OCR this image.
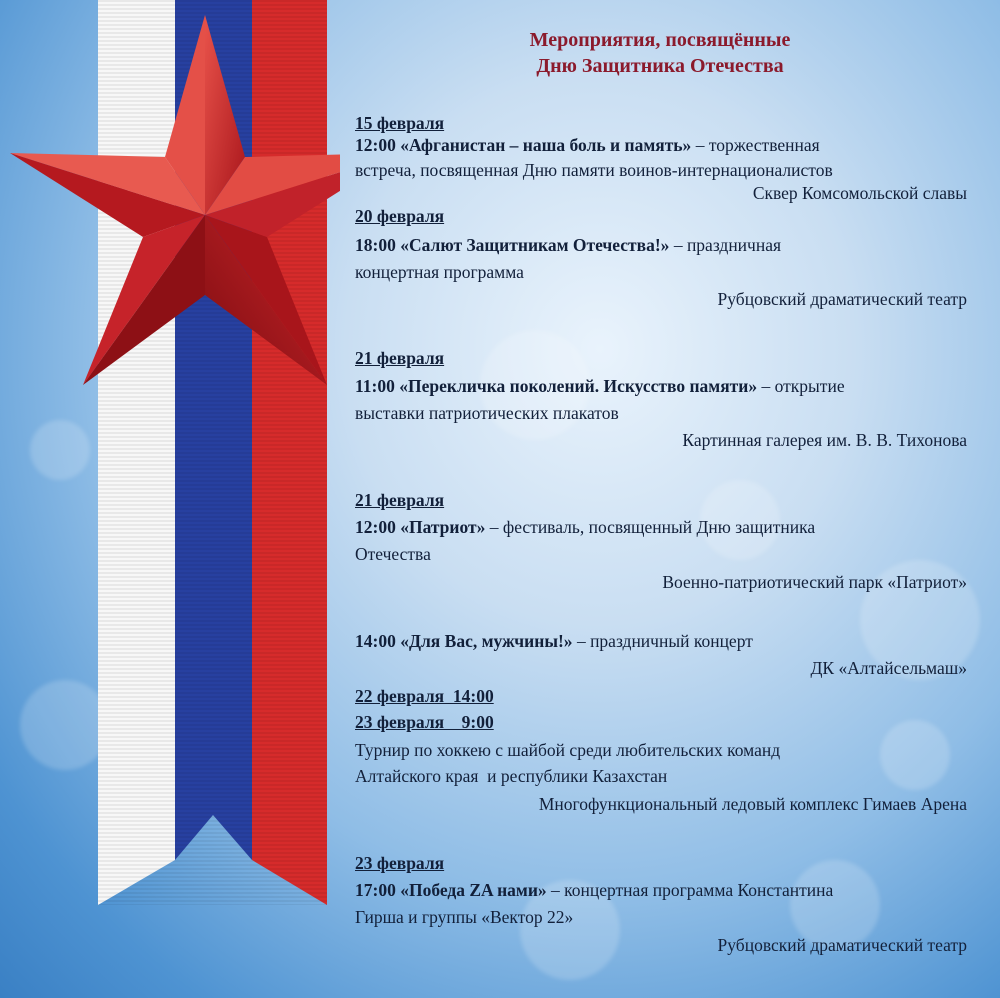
Мероприятия, посвящённые
Дню Защитника Отечества
15 февраля
12:00 «Афганистан – наша боль и память» – торжественная
встреча, посвященная Дню памяти воинов-интернационалистов
Сквер Комсомольской славы
20 февраля
18:00 «Салют Защитникам Отечества!» – праздничная
концертная программа
Рубцовский драматический театр
21 февраля
11:00 «Перекличка поколений. Искусство памяти» – открытие
выставки патриотических плакатов
Картинная галерея им. В. В. Тихонова
21 февраля
12:00 «Патриот» – фестиваль, посвященный Дню защитника
Отечества
Военно-патриотический парк «Патриот»
14:00 «Для Вас, мужчины!» – праздничный концерт
ДК «Алтайсельмаш»
22 февраля  14:00
23 февраля    9:00
Турнир по хоккею с шайбой среди любительских команд
Алтайского края  и республики Казахстан
Многофункциональный ледовый комплекс Гимаев Арена
23 февраля
17:00 «Победа ZA нами» – концертная программа Константина
Гирша и группы «Вектор 22»
Рубцовский драматический театр
